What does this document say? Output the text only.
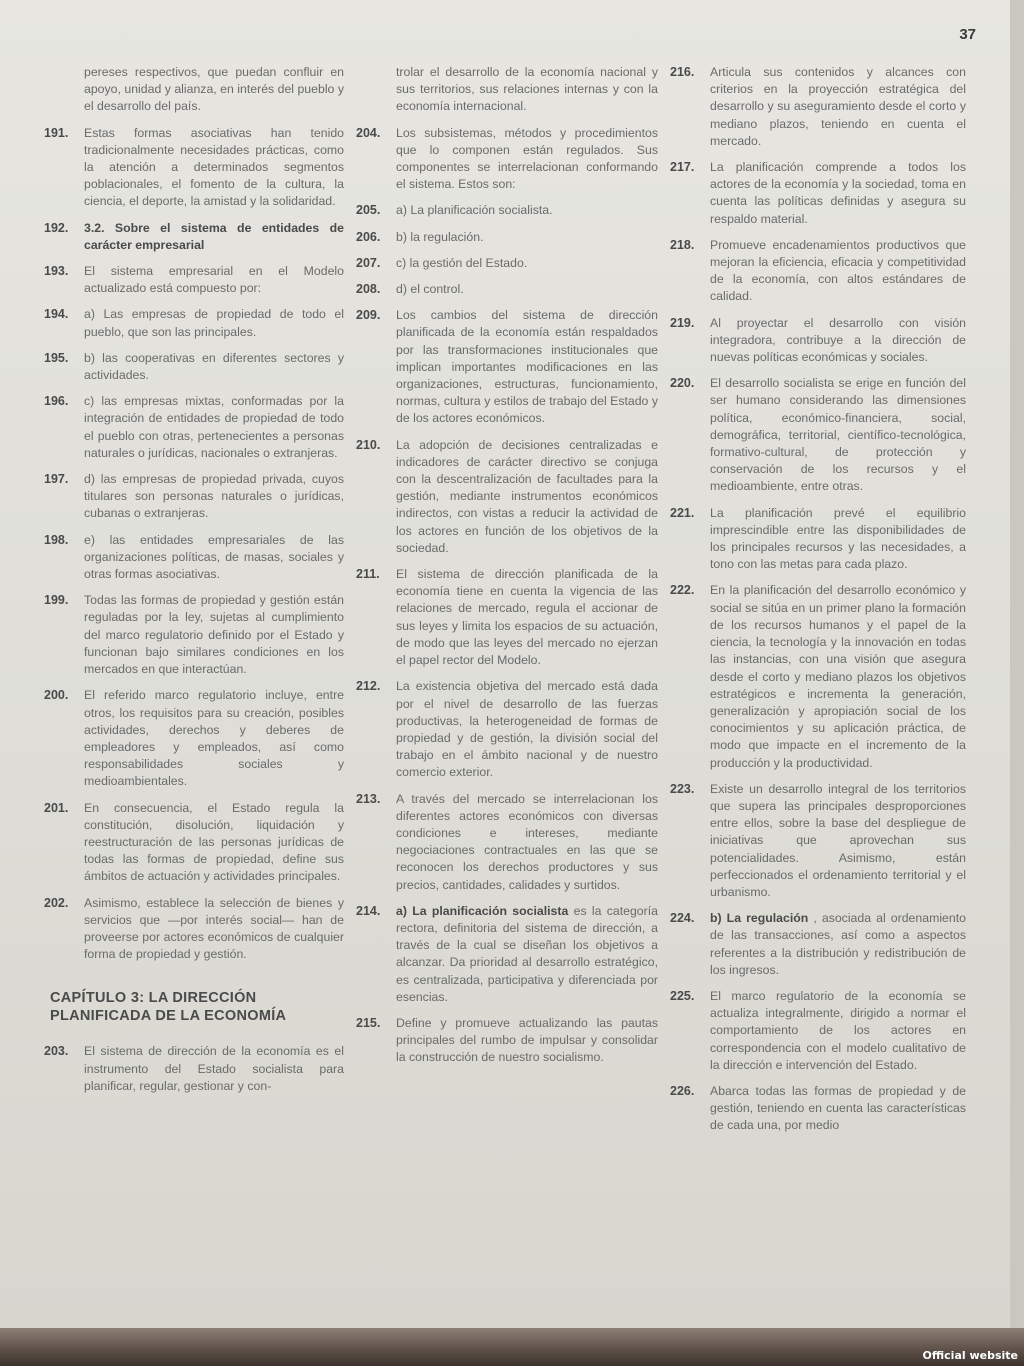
37
pereses respectivos, que puedan confluir en apoyo, unidad y alianza, en interés del pueblo y el desarrollo del país.
191.	Estas formas asociativas han tenido tradicionalmente necesidades prácticas, como la atención a determinados segmentos poblacionales, el fomento de la cultura, la ciencia, el deporte, la amistad y la solidaridad.
192.	3.2. Sobre el sistema de entidades de carácter empresarial
193.	El sistema empresarial en el Modelo actualizado está compuesto por:
194.	a) Las empresas de propiedad de todo el pueblo, que son las principales.
195.	b) las cooperativas en diferentes sectores y actividades.
196.	c) las empresas mixtas, conformadas por la integración de entidades de propiedad de todo el pueblo con otras, pertenecientes a personas naturales o jurídicas, nacionales o extranjeras.
197.	d) las empresas de propiedad privada, cuyos titulares son personas naturales o jurídicas, cubanas o extranjeras.
198.	e) las entidades empresariales de las organizaciones políticas, de masas, sociales y otras formas asociativas.
199.	Todas las formas de propiedad y gestión están reguladas por la ley, sujetas al cumplimiento del marco regulatorio definido por el Estado y funcionan bajo similares condiciones en los mercados en que interactúan.
200.	El referido marco regulatorio incluye, entre otros, los requisitos para su creación, posibles actividades, derechos y deberes de empleadores y empleados, así como responsabilidades sociales y medioambientales.
201.	En consecuencia, el Estado regula la constitución, disolución, liquidación y reestructuración de las personas jurídicas de todas las formas de propiedad, define sus ámbitos de actuación y actividades principales.
202.	Asimismo, establece la selección de bienes y servicios que —por interés social— han de proveerse por actores económicos de cualquier forma de propiedad y gestión.
CAPÍTULO 3: LA DIRECCIÓN PLANIFICADA DE LA ECONOMÍA
203.	El sistema de dirección de la economía es el instrumento del Estado socialista para planificar, regular, gestionar y con-
trolar el desarrollo de la economía nacional y sus territorios, sus relaciones internas y con la economía internacional.
204.	Los subsistemas, métodos y procedimientos que lo componen están regulados. Sus componentes se interrelacionan conformando el sistema. Estos son:
205.	a) La planificación socialista.
206.	b) la regulación.
207.	c) la gestión del Estado.
208.	d) el control.
209.	Los cambios del sistema de dirección planificada de la economía están respaldados por las transformaciones institucionales que implican importantes modificaciones en las organizaciones, estructuras, funcionamiento, normas, cultura y estilos de trabajo del Estado y de los actores económicos.
210.	La adopción de decisiones centralizadas e indicadores de carácter directivo se conjuga con la descentralización de facultades para la gestión, mediante instrumentos económicos indirectos, con vistas a reducir la actividad de los actores en función de los objetivos de la sociedad.
211.	El sistema de dirección planificada de la economía tiene en cuenta la vigencia de las relaciones de mercado, regula el accionar de sus leyes y limita los espacios de su actuación, de modo que las leyes del mercado no ejerzan el papel rector del Modelo.
212.	La existencia objetiva del mercado está dada por el nivel de desarrollo de las fuerzas productivas, la heterogeneidad de formas de propiedad y de gestión, la división social del trabajo en el ámbito nacional y de nuestro comercio exterior.
213.	A través del mercado se interrelacionan los diferentes actores económicos con diversas condiciones e intereses, mediante negociaciones contractuales en las que se reconocen los derechos productores y sus precios, cantidades, calidades y surtidos.
214.	a) La planificación socialista es la categoría rectora, definitoria del sistema de dirección, a través de la cual se diseñan los objetivos a alcanzar. Da prioridad al desarrollo estratégico, es centralizada, participativa y diferenciada por esencias.
215.	Define y promueve actualizando las pautas principales del rumbo de impulsar y consolidar la construcción de nuestro socialismo.
216.	Articula sus contenidos y alcances con criterios en la proyección estratégica del desarrollo y su aseguramiento desde el corto y mediano plazos, teniendo en cuenta el mercado.
217.	La planificación comprende a todos los actores de la economía y la sociedad, toma en cuenta las políticas definidas y asegura su respaldo material.
218.	Promueve encadenamientos productivos que mejoran la eficiencia, eficacia y competitividad de la economía, con altos estándares de calidad.
219.	Al proyectar el desarrollo con visión integradora, contribuye a la dirección de nuevas políticas económicas y sociales.
220.	El desarrollo socialista se erige en función del ser humano considerando las dimensiones política, económico-financiera, social, demográfica, territorial, científico-tecnológica, formativo-cultural, de protección y conservación de los recursos y el medioambiente, entre otras.
221.	La planificación prevé el equilibrio imprescindible entre las disponibilidades de los principales recursos y las necesidades, a tono con las metas para cada plazo.
222.	En la planificación del desarrollo económico y social se sitúa en un primer plano la formación de los recursos humanos y el papel de la ciencia, la tecnología y la innovación en todas las instancias, con una visión que asegura desde el corto y mediano plazos los objetivos estratégicos e incrementa la generación, generalización y apropiación social de los conocimientos y su aplicación práctica, de modo que impacte en el incremento de la producción y la productividad.
223.	Existe un desarrollo integral de los territorios que supera las principales desproporciones entre ellos, sobre la base del despliegue de iniciativas que aprovechan sus potencialidades. Asimismo, están perfeccionados el ordenamiento territorial y el urbanismo.
224.	b) La regulación , asociada al ordenamiento de las transacciones, así como a aspectos referentes a la distribución y redistribución de los ingresos.
225.	El marco regulatorio de la economía se actualiza integralmente, dirigido a normar el comportamiento de los actores en correspondencia con el modelo cualitativo de la dirección e intervención del Estado.
226.	Abarca todas las formas de propiedad y de gestión, teniendo en cuenta las características de cada una, por medio
Official website
